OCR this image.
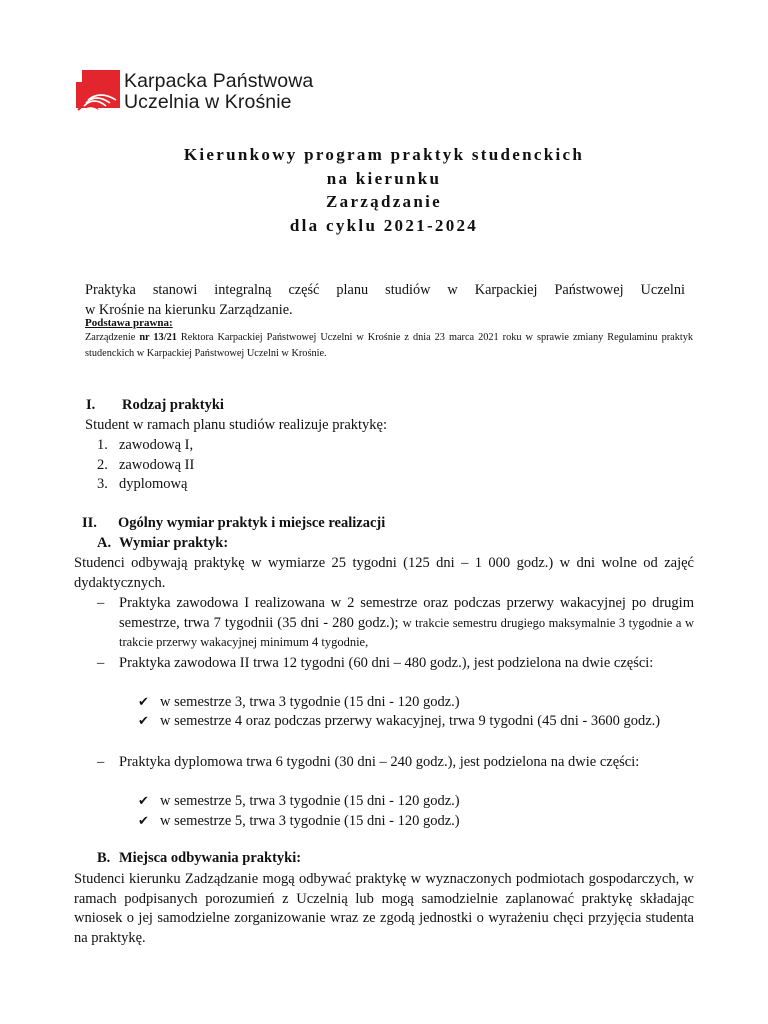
Karpacka Państwowa
Uczelnia w Krośnie
Kierunkowy program praktyk studenckich
na kierunku
Zarządzanie
dla cyklu 2021-2024
Praktyka stanowi integralną część planu studiów w Karpackiej Państwowej Uczelni
w Krośnie na kierunku Zarządzanie.
Podstawa prawna:
Zarządzenie nr 13/21 Rektora Karpackiej Państwowej Uczelni w Krośnie z dnia 23 marca 2021 roku w sprawie zmiany Regulaminu praktyk studenckich w Karpackiej Państwowej Uczelni w Krośnie.
I. Rodzaj praktyki
Student w ramach planu studiów realizuje praktykę:
1. zawodową I,
2. zawodową II
3. dyplomową
II. Ogólny wymiar praktyk i miejsce realizacji
A. Wymiar praktyk:
Studenci odbywają praktykę w wymiarze 25 tygodni (125 dni – 1 000 godz.) w dni wolne od zajęć dydaktycznych.
– Praktyka zawodowa I realizowana w 2 semestrze oraz podczas przerwy wakacyjnej po drugim semestrze, trwa 7 tygodnii (35 dni - 280 godz.); w trakcie semestru drugiego maksymalnie 3 tygodnie a w trakcie przerwy wakacyjnej minimum 4 tygodnie,
– Praktyka zawodowa II trwa 12 tygodni (60 dni – 480 godz.), jest podzielona na dwie części:
✔ w semestrze 3, trwa 3 tygodnie (15 dni - 120 godz.)
✔ w semestrze 4 oraz podczas przerwy wakacyjnej, trwa 9 tygodni (45 dni - 3600 godz.)
– Praktyka dyplomowa trwa 6 tygodni (30 dni – 240 godz.), jest podzielona na dwie części:
✔ w semestrze 5, trwa 3 tygodnie (15 dni - 120 godz.)
✔ w semestrze 5, trwa 3 tygodnie (15 dni - 120 godz.)
B. Miejsca odbywania praktyki:
Studenci kierunku Zadządzanie mogą odbywać praktykę w wyznaczonych podmiotach gospodarczych, w ramach podpisanych porozumień z Uczelnią lub mogą samodzielnie zaplanować praktykę składając wniosek o jej samodzielne zorganizowanie wraz ze zgodą jednostki o wyrażeniu chęci przyjęcia studenta na praktykę.
